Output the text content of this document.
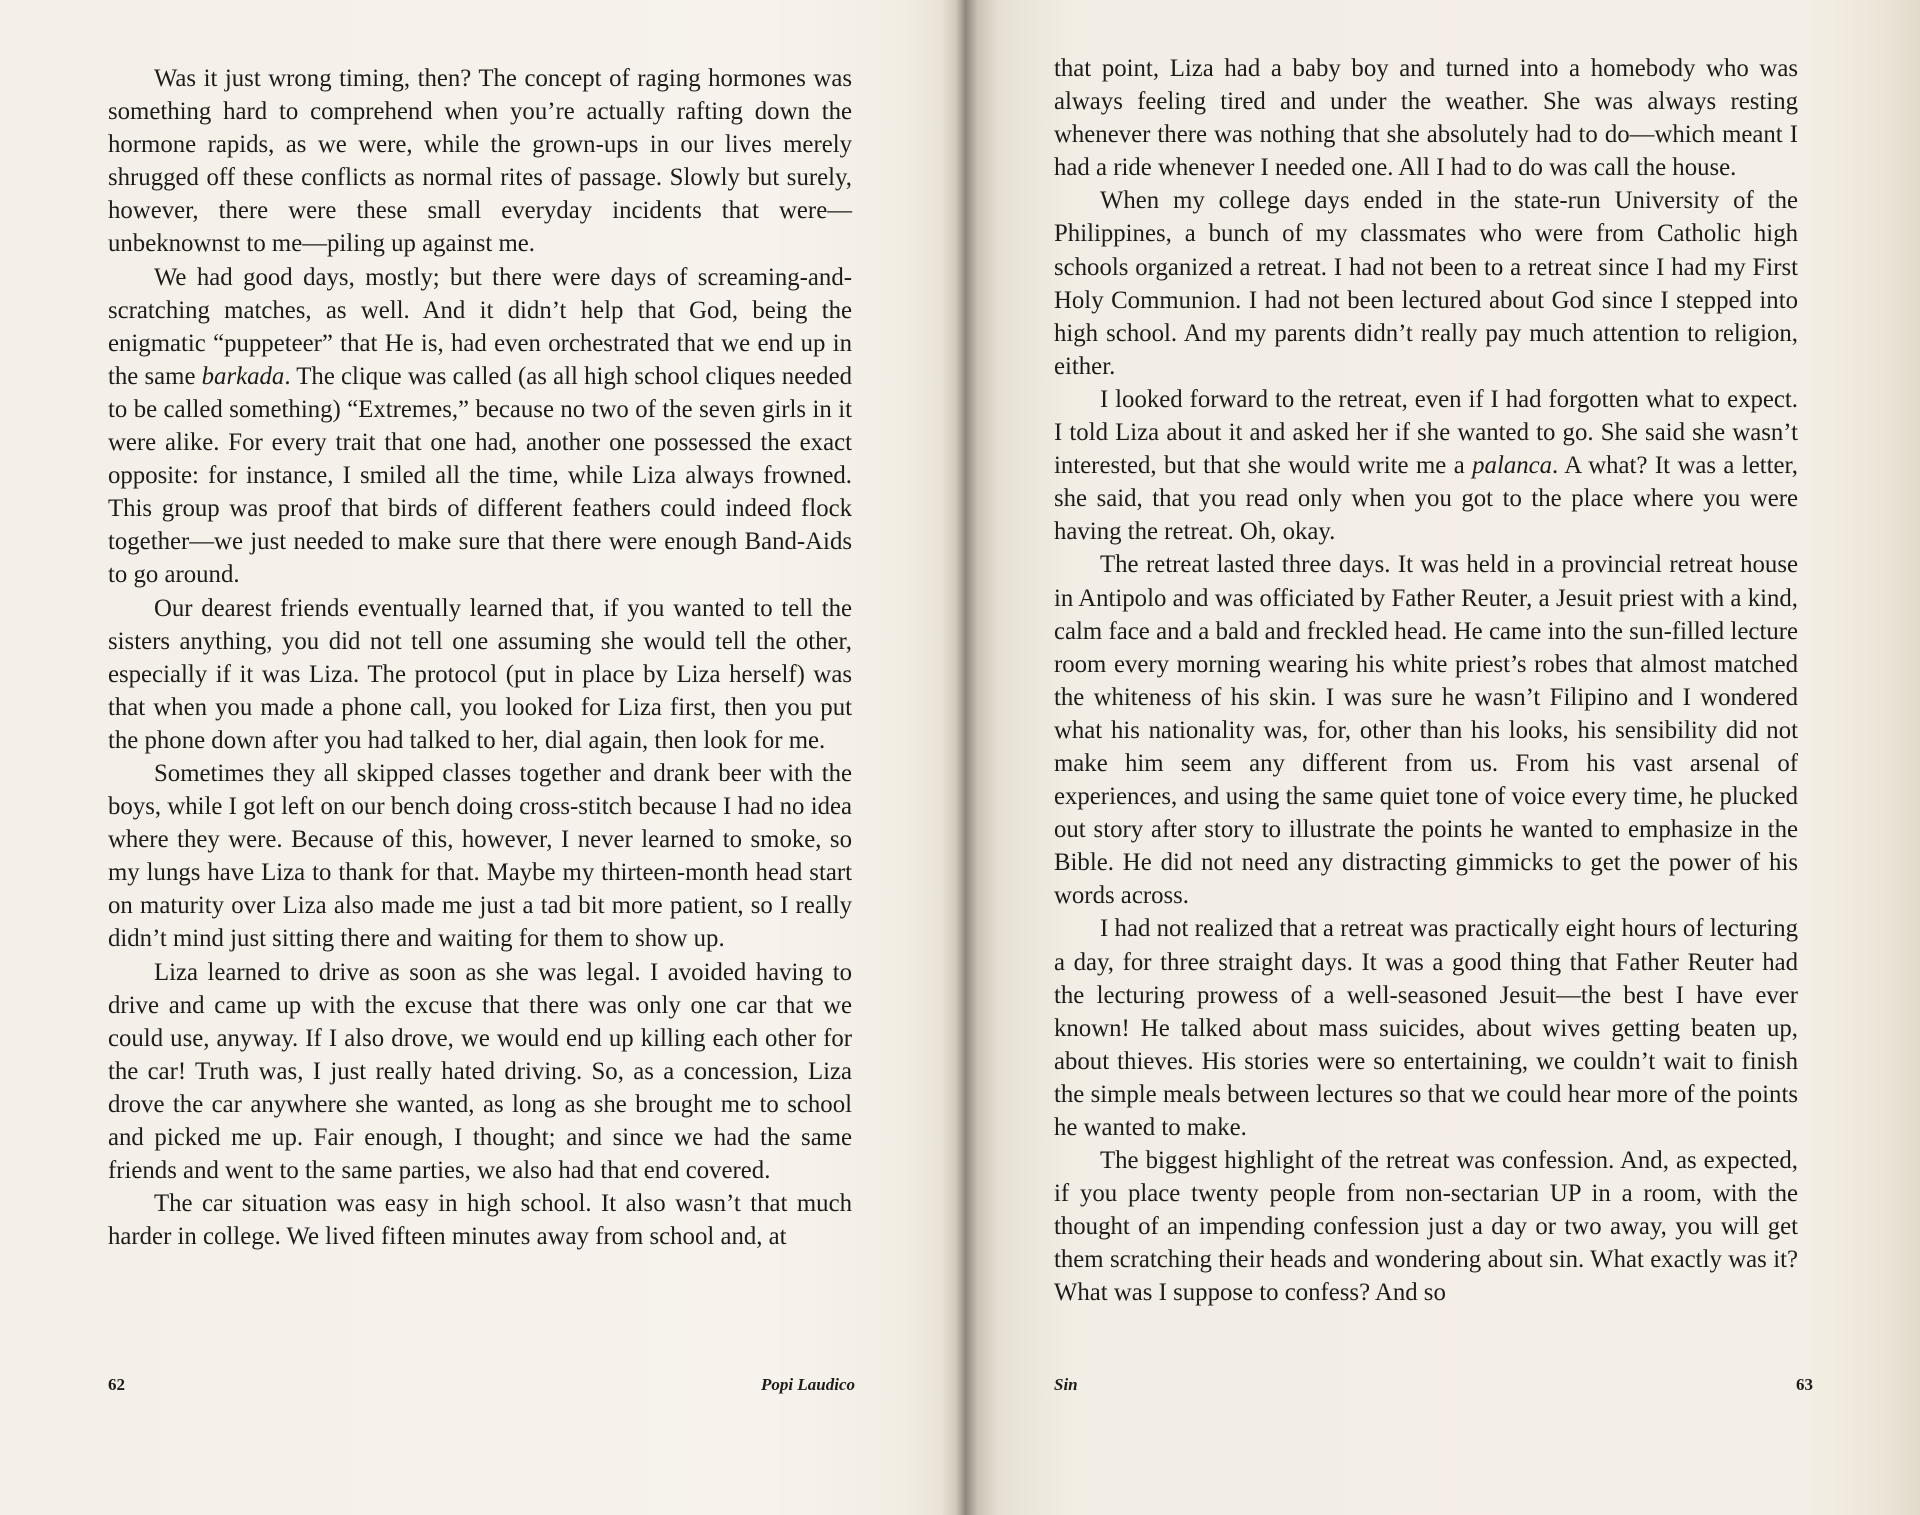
Was it just wrong timing, then? The concept of raging hormones was something hard to comprehend when you’re actually rafting down the hormone rapids, as we were, while the grown-ups in our lives merely shrugged off these conflicts as normal rites of passage. Slowly but surely, however, there were these small everyday incidents that were—unbeknownst to me—piling up against me.

We had good days, mostly; but there were days of screaming-and-scratching matches, as well. And it didn’t help that God, being the enigmatic “puppeteer” that He is, had even orchestrated that we end up in the same barkada. The clique was called (as all high school cliques needed to be called something) “Extremes,” because no two of the seven girls in it were alike. For every trait that one had, another one possessed the exact opposite: for instance, I smiled all the time, while Liza always frowned. This group was proof that birds of different feathers could indeed flock together—we just needed to make sure that there were enough Band-Aids to go around.

Our dearest friends eventually learned that, if you wanted to tell the sisters anything, you did not tell one assuming she would tell the other, especially if it was Liza. The protocol (put in place by Liza herself) was that when you made a phone call, you looked for Liza first, then you put the phone down after you had talked to her, dial again, then look for me.

Sometimes they all skipped classes together and drank beer with the boys, while I got left on our bench doing cross-stitch because I had no idea where they were. Because of this, however, I never learned to smoke, so my lungs have Liza to thank for that. Maybe my thirteen-month head start on maturity over Liza also made me just a tad bit more patient, so I really didn’t mind just sitting there and waiting for them to show up.

Liza learned to drive as soon as she was legal. I avoided having to drive and came up with the excuse that there was only one car that we could use, anyway. If I also drove, we would end up killing each other for the car! Truth was, I just really hated driving. So, as a concession, Liza drove the car anywhere she wanted, as long as she brought me to school and picked me up. Fair enough, I thought; and since we had the same friends and went to the same parties, we also had that end covered.

The car situation was easy in high school. It also wasn’t that much harder in college. We lived fifteen minutes away from school and, at

62	Popi Laudico

that point, Liza had a baby boy and turned into a homebody who was always feeling tired and under the weather. She was always resting whenever there was nothing that she absolutely had to do—which meant I had a ride whenever I needed one. All I had to do was call the house.

When my college days ended in the state-run University of the Philippines, a bunch of my classmates who were from Catholic high schools organized a retreat. I had not been to a retreat since I had my First Holy Communion. I had not been lectured about God since I stepped into high school. And my parents didn’t really pay much attention to religion, either.

I looked forward to the retreat, even if I had forgotten what to expect. I told Liza about it and asked her if she wanted to go. She said she wasn’t interested, but that she would write me a palanca. A what? It was a letter, she said, that you read only when you got to the place where you were having the retreat. Oh, okay.

The retreat lasted three days. It was held in a provincial retreat house in Antipolo and was officiated by Father Reuter, a Jesuit priest with a kind, calm face and a bald and freckled head. He came into the sun-filled lecture room every morning wearing his white priest’s robes that almost matched the whiteness of his skin. I was sure he wasn’t Filipino and I wondered what his nationality was, for, other than his looks, his sensibility did not make him seem any different from us. From his vast arsenal of experiences, and using the same quiet tone of voice every time, he plucked out story after story to illustrate the points he wanted to emphasize in the Bible. He did not need any distracting gimmicks to get the power of his words across.

I had not realized that a retreat was practically eight hours of lecturing a day, for three straight days. It was a good thing that Father Reuter had the lecturing prowess of a well-seasoned Jesuit—the best I have ever known! He talked about mass suicides, about wives getting beaten up, about thieves. His stories were so entertaining, we couldn’t wait to finish the simple meals between lectures so that we could hear more of the points he wanted to make.

The biggest highlight of the retreat was confession. And, as expected, if you place twenty people from non-sectarian UP in a room, with the thought of an impending confession just a day or two away, you will get them scratching their heads and wondering about sin. What exactly was it? What was I suppose to confess? And so

Sin	63
